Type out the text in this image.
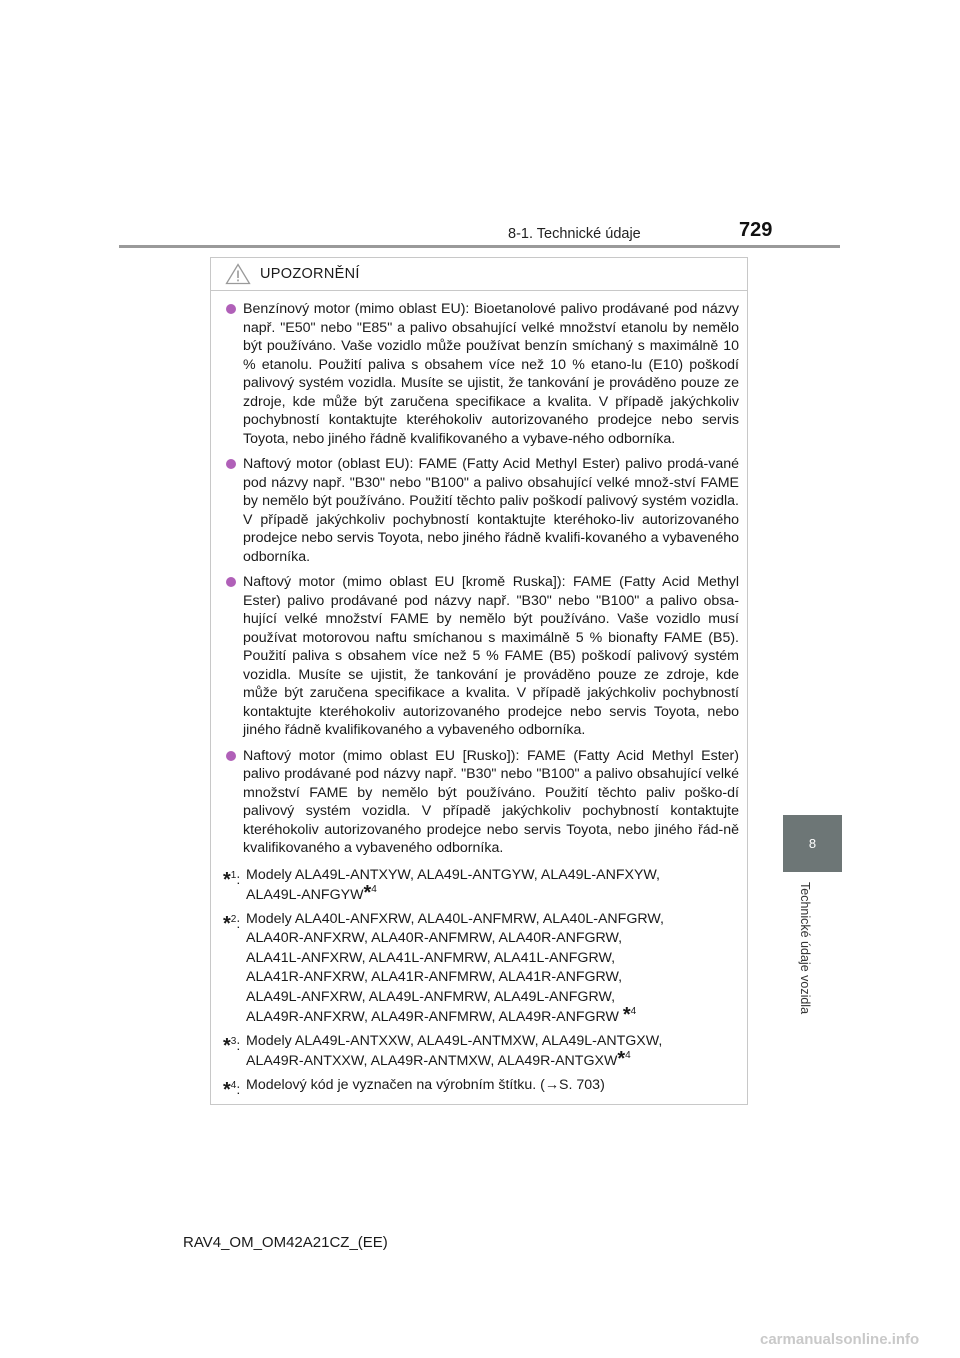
8-1. Technické údaje	729
8
Technické údaje vozidla
UPOZORNĚNÍ
Benzínový motor (mimo oblast EU): Bioetanolové palivo prodávané pod názvy např. "E50" nebo "E85" a palivo obsahující velké množství etanolu by nemělo být používáno. Vaše vozidlo může používat benzín smíchaný s maximálně 10 % etanolu. Použití paliva s obsahem více než 10 % etano-lu (E10) poškodí palivový systém vozidla. Musíte se ujistit, že tankování je prováděno pouze ze zdroje, kde může být zaručena specifikace a kvalita. V případě jakýchkoliv pochybností kontaktujte kteréhokoliv autorizovaného prodejce nebo servis Toyota, nebo jiného řádně kvalifikovaného a vybave-ného odborníka.
Naftový motor (oblast EU): FAME (Fatty Acid Methyl Ester) palivo prodá-vané pod názvy např. "B30" nebo "B100" a palivo obsahující velké množ-ství FAME by nemělo být používáno. Použití těchto paliv poškodí palivový systém vozidla. V případě jakýchkoliv pochybností kontaktujte kteréhoko-liv autorizovaného prodejce nebo servis Toyota, nebo jiného řádně kvalifi-kovaného a vybaveného odborníka.
Naftový motor (mimo oblast EU [kromě Ruska]): FAME (Fatty Acid Methyl Ester) palivo prodávané pod názvy např. "B30" nebo "B100" a palivo obsa-hující velké množství FAME by nemělo být používáno. Vaše vozidlo musí používat motorovou naftu smíchanou s maximálně 5 % bionafty FAME (B5). Použití paliva s obsahem více než 5 % FAME (B5) poškodí palivový systém vozidla. Musíte se ujistit, že tankování je prováděno pouze ze zdroje, kde může být zaručena specifikace a kvalita. V případě jakýchkoliv pochybností kontaktujte kteréhokoliv autorizovaného prodejce nebo servis Toyota, nebo jiného řádně kvalifikovaného a vybaveného odborníka.
Naftový motor (mimo oblast EU [Rusko]): FAME (Fatty Acid Methyl Ester) palivo prodávané pod názvy např. "B30" nebo "B100" a palivo obsahující velké množství FAME by nemělo být používáno. Použití těchto paliv poško-dí palivový systém vozidla. V případě jakýchkoliv pochybností kontaktujte kteréhokoliv autorizovaného prodejce nebo servis Toyota, nebo jiného řád-ně kvalifikovaného a vybaveného odborníka.
*$^1$: Modely ALA49L-ANTXYW, ALA49L-ANTGYW, ALA49L-ANFXYW,
ALA49L-ANFGYW*$^4$
*$^2$: Modely ALA40L-ANFXRW, ALA40L-ANFMRW, ALA40L-ANFGRW,
ALA40R-ANFXRW, ALA40R-ANFMRW, ALA40R-ANFGRW,
ALA41L-ANFXRW, ALA41L-ANFMRW, ALA41L-ANFGRW,
ALA41R-ANFXRW, ALA41R-ANFMRW, ALA41R-ANFGRW,
ALA49L-ANFXRW, ALA49L-ANFMRW, ALA49L-ANFGRW,
ALA49R-ANFXRW, ALA49R-ANFMRW, ALA49R-ANFGRW *$^4$
*$^3$: Modely ALA49L-ANTXXW, ALA49L-ANTMXW, ALA49L-ANTGXW,
ALA49R-ANTXXW, ALA49R-ANTMXW, ALA49R-ANTGXW*$^4$
*$^4$: Modelový kód je vyznačen na výrobním štítku. (→S. 703)
RAV4_OM_OM42A21CZ_(EE)
carmanualsonline.info
